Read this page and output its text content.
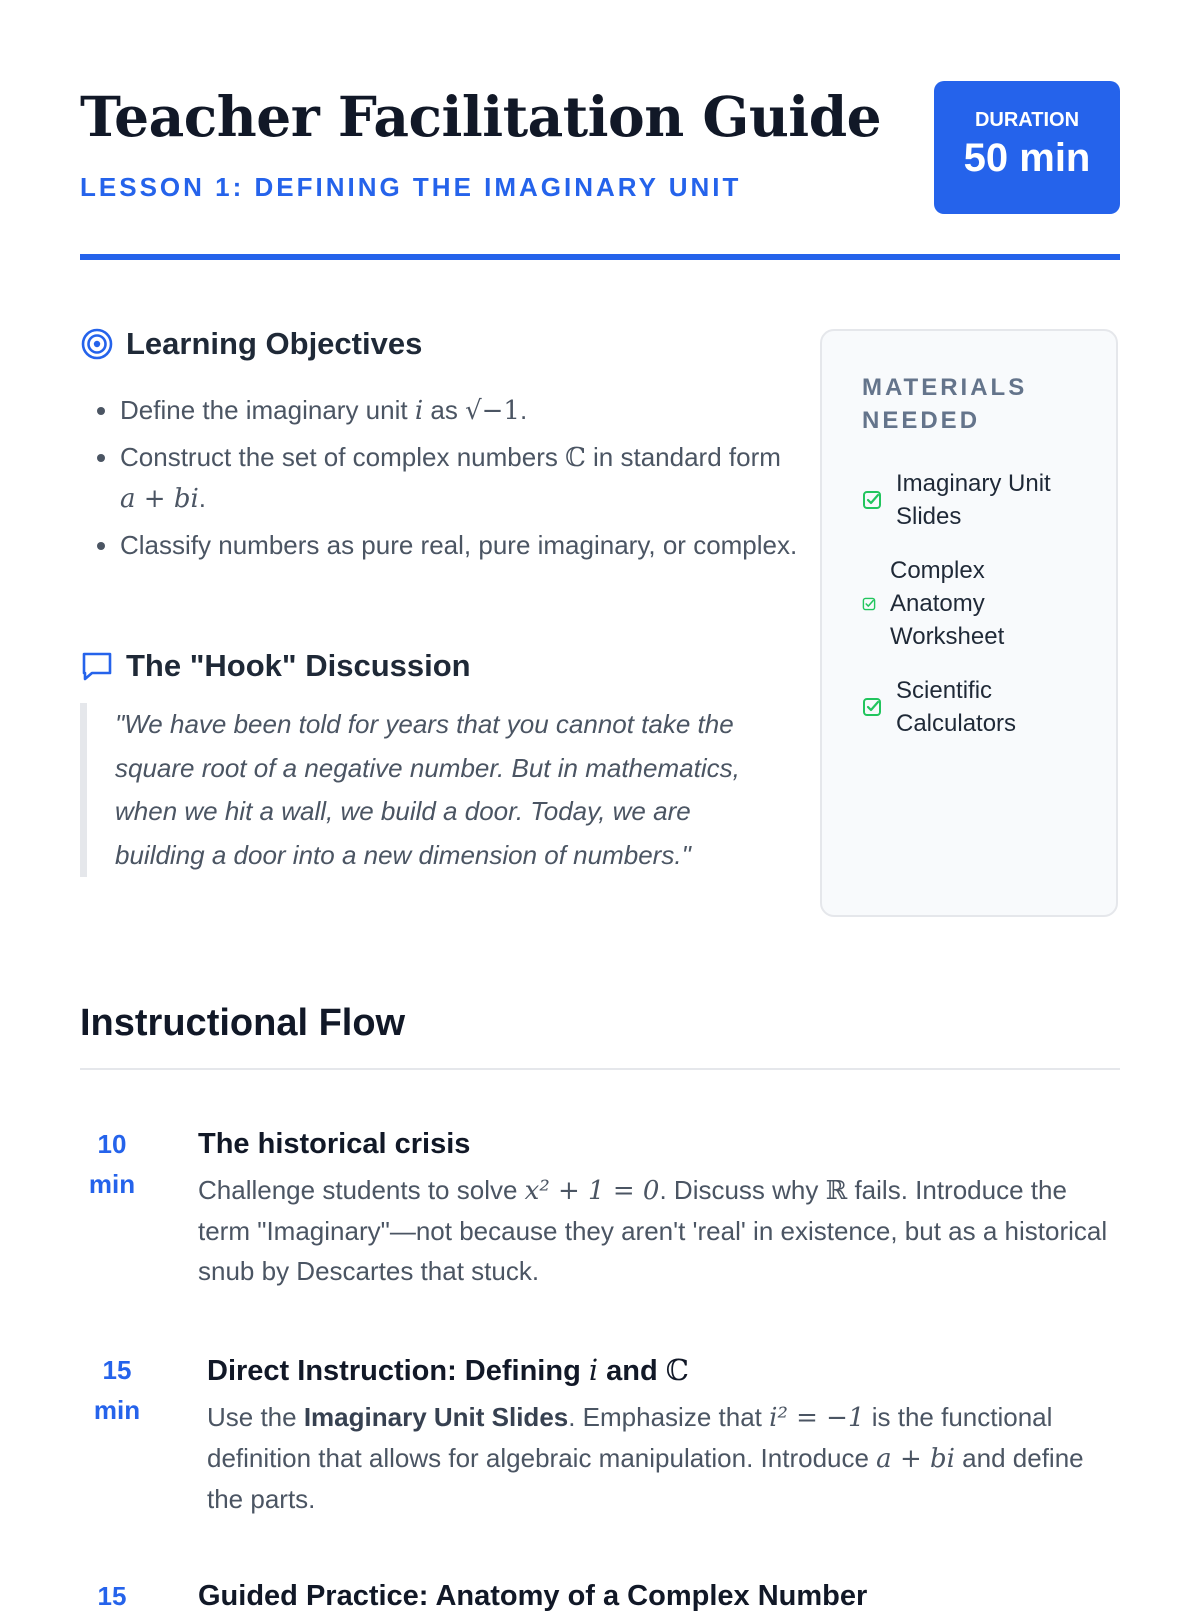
Teacher Facilitation Guide
LESSON 1: DEFINING THE IMAGINARY UNIT
DURATION
50 min
Learning Objectives
• Define the imaginary unit i as √−1.
• Construct the set of complex numbers ℂ in standard form a + bi.
• Classify numbers as pure real, pure imaginary, or complex.
The "Hook" Discussion
"We have been told for years that you cannot take the square root of a negative number. But in mathematics, when we hit a wall, we build a door. Today, we are building a door into a new dimension of numbers."
MATERIALS NEEDED
Imaginary Unit Slides
Complex Anatomy Worksheet
Scientific Calculators
Instructional Flow
10 min
The historical crisis

Challenge students to solve x² + 1 = 0. Discuss why ℝ fails. Introduce the term "Imaginary"—not because they aren't 'real' in existence, but as a historical snub by Descartes that stuck.

15 min
Direct Instruction: Defining i and ℂ

Use the Imaginary Unit Slides. Emphasize that i² = −1 is the functional definition that allows for algebraic manipulation. Introduce a + bi and define the parts.

15	Guided Practice: Anatomy of a Complex Number
